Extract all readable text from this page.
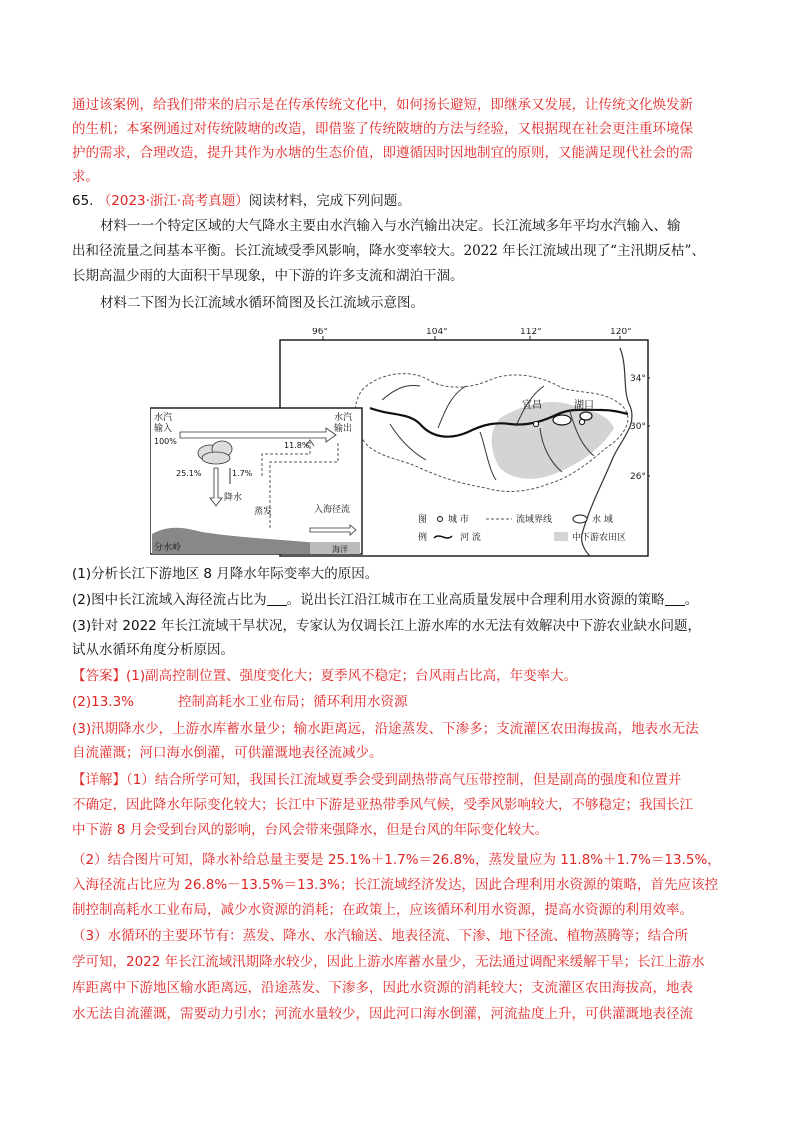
通过该案例，给我们带来的启示是在传承传统文化中，如何扬长避短，即继承又发展，让传统文化焕发新
的生机；本案例通过对传统陂塘的改造，即借鉴了传统陂塘的方法与经验，又根据现在社会更注重环境保
护的需求，合理改造，提升其作为水塘的生态价值，即遵循因时因地制宜的原则，又能满足现代社会的需
求。
65. （2023·浙江·高考真题）阅读材料，完成下列问题。
材料一一个特定区域的大气降水主要由水汽输入与水汽输出决定。长江流域多年平均水汽输入、输
出和径流量之间基本平衡。长江流域受季风影响，降水变率较大。2022 年长江流域出现了“主汛期反枯”、
长期高温少雨的大面积干旱现象，中下游的许多支流和湖泊干涸。
材料二下图为长江流域水循环简图及长江流域示意图。
96°	104°	112°	120°
34°
30°
26°
宜昌	湖口
图
例
城 市	流域界线	水 域
河 流	中下游农田区
水汽
输入
100%
水汽
输出
11.8%
25.1%	1.7%
降水
分水岭	海洋
蒸发	入海径流
(1)分析长江下游地区 8 月降水年际变率大的原因。
(2)图中长江流域入海径流占比为 。说出长江沿江城市在工业高质量发展中合理利用水资源的策略 。
(3)针对 2022 年长江流域干旱状况，专家认为仅调长江上游水库的水无法有效解决中下游农业缺水问题，
试从水循环角度分析原因。
【答案】(1)副高控制位置、强度变化大；夏季风不稳定；台风雨占比高，年变率大。
(2)13.3%	控制高耗水工业布局；循环利用水资源
(3)汛期降水少，上游水库蓄水量少；输水距离远，沿途蒸发、下渗多；支流灌区农田海拔高，地表水无法
自流灌溉；河口海水倒灌，可供灌溉地表径流减少。
【详解】（1）结合所学可知，我国长江流域夏季会受到副热带高气压带控制，但是副高的强度和位置并
不确定，因此降水年际变化较大；长江中下游是亚热带季风气候，受季风影响较大，不够稳定；我国长江
中下游 8 月会受到台风的影响，台风会带来强降水，但是台风的年际变化较大。
（2）结合图片可知，降水补给总量主要是 25.1%＋1.7%＝26.8%，蒸发量应为 11.8%＋1.7%＝13.5%，
入海径流占比应为 26.8%－13.5%＝13.3%；长江流域经济发达，因此合理利用水资源的策略，首先应该控
制控制高耗水工业布局，减少水资源的消耗；在政策上，应该循环利用水资源，提高水资源的利用效率。
（3）水循环的主要环节有：蒸发、降水、水汽输送、地表径流、下渗、地下径流、植物蒸腾等；结合所
学可知，2022 年长江流域汛期降水较少，因此上游水库蓄水量少，无法通过调配来缓解干旱；长江上游水
库距离中下游地区输水距离远，沿途蒸发、下渗多，因此水资源的消耗较大；支流灌区农田海拔高，地表
水无法自流灌溉，需要动力引水；河流水量较少，因此河口海水倒灌，河流盐度上升，可供灌溉地表径流
